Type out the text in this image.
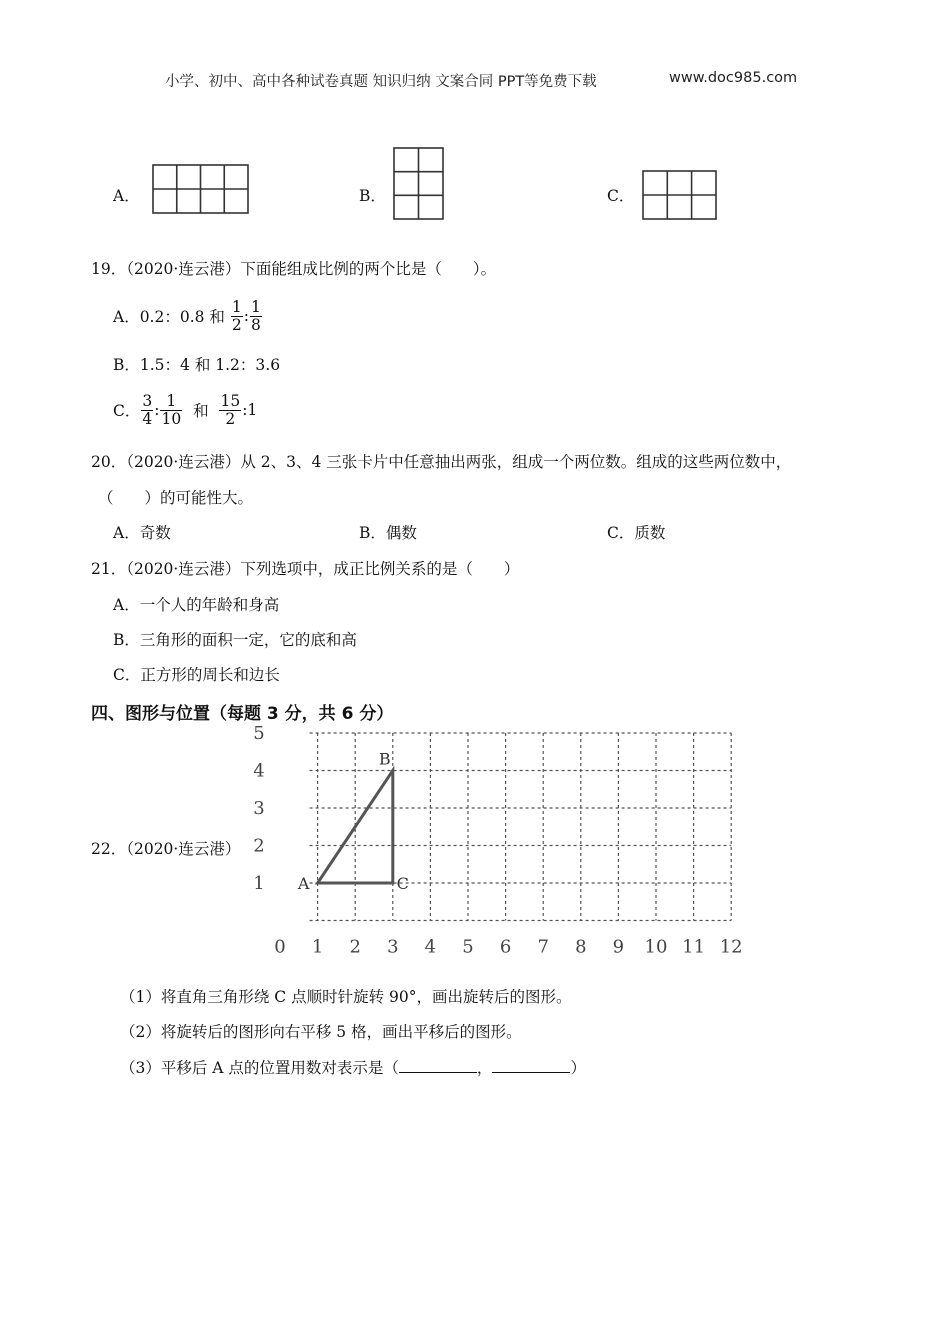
小学、初中、高中各种试卷真题 知识归纳 文案合同 PPT等免费下载	www.doc985.com
A．	B．	C．
19．（2020·连云港）下面能组成比例的两个比是（　　）。
A．0.2：0.8 和
$\frac{1}{2}$ : $\frac{1}{8}$
B．1.5：4 和 1.2：3.6
C． $\frac{3}{4}$ : $\frac{1}{10}$
和
$\frac{15}{2}$ : 1
20．（2020·连云港）从 2、3、4 三张卡片中任意抽出两张，组成一个两位数。组成的这些两位数中，
（　　）的可能性大。
A．奇数	B．偶数	C．质数
21．（2020·连云港）下列选项中，成正比例关系的是（　　）
A．一个人的年龄和身高
B．三角形的面积一定，它的底和高
C．正方形的周长和边长
四、图形与位置（每题 3 分，共 6 分）
22．（2020·连云港）
0 1 2 3 4 5 6 7 8 9 10 11 12
1
2
3
4
5
A
B
C
（1）将直角三角形绕 C 点顺时针旋转 90°，画出旋转后的图形。
（2）将旋转后的图形向右平移 5 格，画出平移后的图形。
（3）平移后 A 点的位置用数对表示是（	，	）
